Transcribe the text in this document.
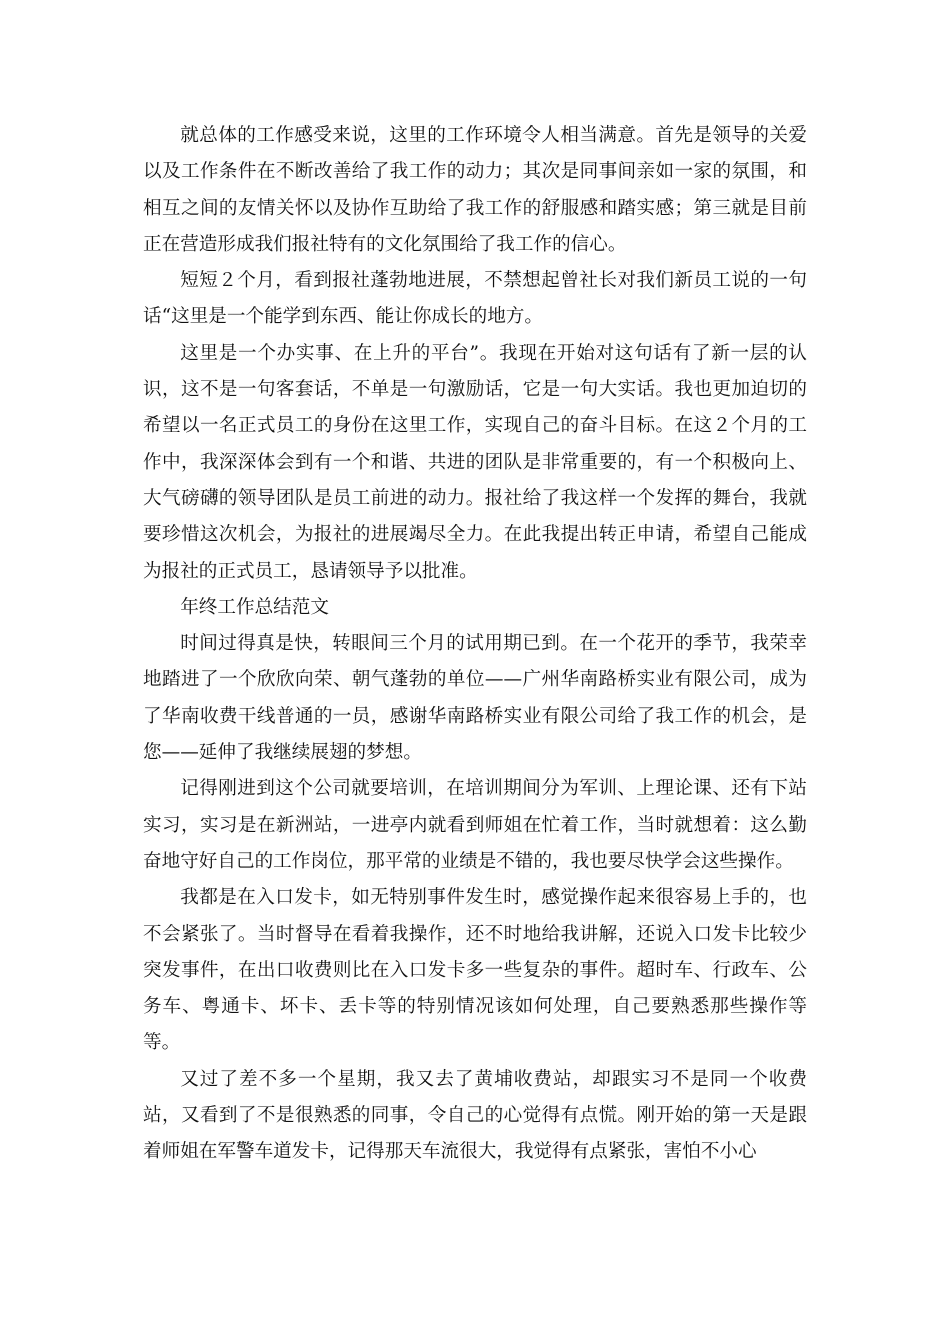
就总体的工作感受来说，这里的工作环境令人相当满意。首先是领导的关爱以及工作条件在不断改善给了我工作的动力；其次是同事间亲如一家的氛围，和相互之间的友情关怀以及协作互助给了我工作的舒服感和踏实感；第三就是目前正在营造形成我们报社特有的文化氛围给了我工作的信心。

短短２个月，看到报社蓬勃地进展，不禁想起曾社长对我们新员工说的一句话“这里是一个能学到东西、能让你成长的地方。

这里是一个办实事、在上升的平台”。我现在开始对这句话有了新一层的认识，这不是一句客套话，不单是一句激励话，它是一句大实话。我也更加迫切的希望以一名正式员工的身份在这里工作，实现自己的奋斗目标。在这２个月的工作中，我深深体会到有一个和谐、共进的团队是非常重要的，有一个积极向上、大气磅礴的领导团队是员工前进的动力。报社给了我这样一个发挥的舞台，我就要珍惜这次机会，为报社的进展竭尽全力。在此我提出转正申请，希望自己能成为报社的正式员工，恳请领导予以批准。

年终工作总结范文

时间过得真是快，转眼间三个月的试用期已到。在一个花开的季节，我荣幸地踏进了一个欣欣向荣、朝气蓬勃的单位——广州华南路桥实业有限公司，成为了华南收费干线普通的一员，感谢华南路桥实业有限公司给了我工作的机会，是您——延伸了我继续展翅的梦想。

记得刚进到这个公司就要培训，在培训期间分为军训、上理论课、还有下站实习，实习是在新洲站，一进亭内就看到师姐在忙着工作，当时就想着：这么勤奋地守好自己的工作岗位，那平常的业绩是不错的，我也要尽快学会这些操作。

我都是在入口发卡，如无特别事件发生时，感觉操作起来很容易上手的，也不会紧张了。当时督导在看着我操作，还不时地给我讲解，还说入口发卡比较少突发事件，在出口收费则比在入口发卡多一些复杂的事件。超时车、行政车、公务车、粤通卡、坏卡、丢卡等的特别情况该如何处理，自己要熟悉那些操作等等。

又过了差不多一个星期，我又去了黄埔收费站，却跟实习不是同一个收费站，又看到了不是很熟悉的同事，令自己的心觉得有点慌。刚开始的第一天是跟着师姐在军警车道发卡，记得那天车流很大，我觉得有点紧张，害怕不小心
